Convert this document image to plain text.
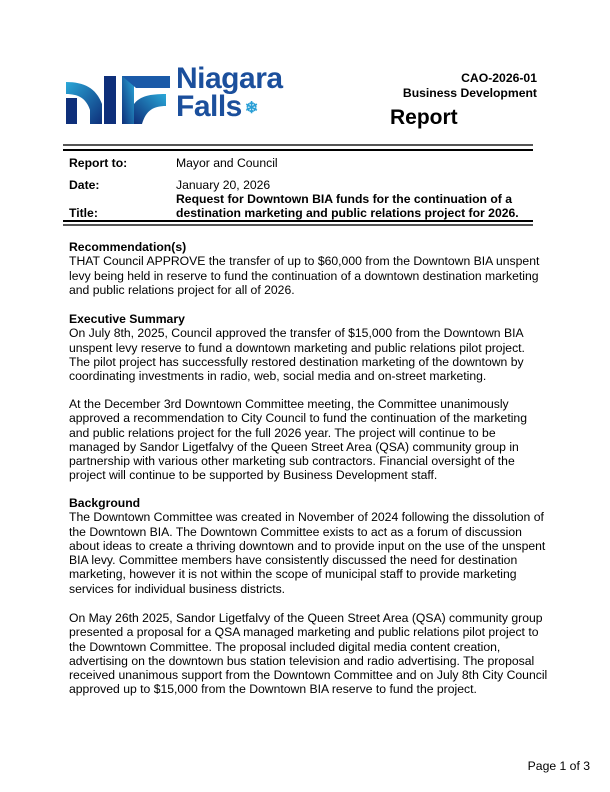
Niagara
Falls ❄
CAO-2026-01
Business Development
Report
Report to:	Mayor and Council
Date:	January 20, 2026
Request for Downtown BIA funds for the continuation of a
Title:	destination marketing and public relations project for 2026.
Recommendation(s)

THAT Council APPROVE the transfer of up to $60,000 from the Downtown BIA unspent levy being held in reserve to fund the continuation of a downtown destination marketing and public relations project for all of 2026.

Executive Summary

On July 8th, 2025, Council approved the transfer of $15,000 from the Downtown BIA unspent levy reserve to fund a downtown marketing and public relations pilot project. The pilot project has successfully restored destination marketing of the downtown by coordinating investments in radio, web, social media and on-street marketing.

At the December 3rd Downtown Committee meeting, the Committee unanimously approved a recommendation to City Council to fund the continuation of the marketing and public relations project for the full 2026 year. The project will continue to be managed by Sandor Ligetfalvy of the Queen Street Area (QSA) community group in partnership with various other marketing sub contractors. Financial oversight of the project will continue to be supported by Business Development staff.

Background

The Downtown Committee was created in November of 2024 following the dissolution of the Downtown BIA. The Downtown Committee exists to act as a forum of discussion about ideas to create a thriving downtown and to provide input on the use of the unspent BIA levy. Committee members have consistently discussed the need for destination marketing, however it is not within the scope of municipal staff to provide marketing services for individual business districts.

On May 26th 2025, Sandor Ligetfalvy of the Queen Street Area (QSA) community group presented a proposal for a QSA managed marketing and public relations pilot project to the Downtown Committee. The proposal included digital media content creation, advertising on the downtown bus station television and radio advertising. The proposal received unanimous support from the Downtown Committee and on July 8th City Council approved up to $15,000 from the Downtown BIA reserve to fund the project.

Page 1 of 3
